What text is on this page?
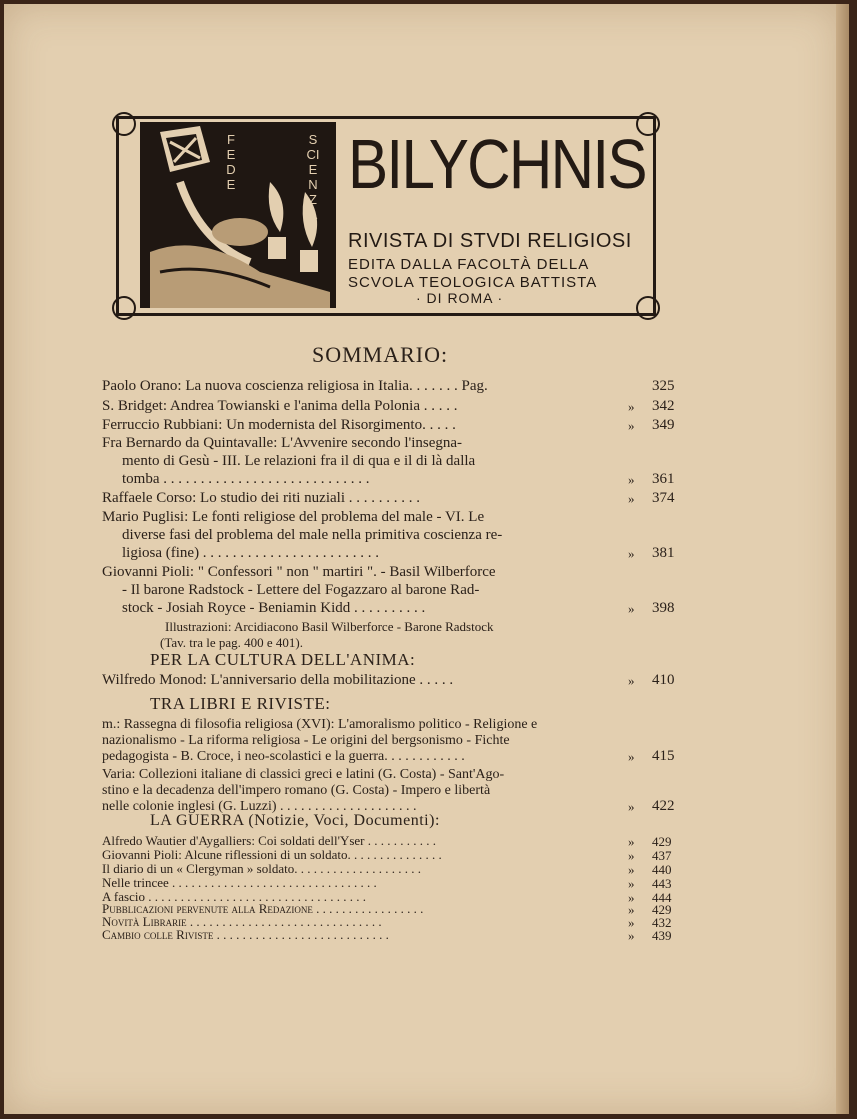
FEDE
SCIENZA
BILYCHNIS
RIVISTA DI STVDI RELIGIOSI
EDITA DALLA FACOLTÀ DELLA
SCVOLA TEOLOGICA BATTISTA
· DI ROMA ·
SOMMARIO:
Paolo Orano: La nuova coscienza religiosa in Italia. . . . . . . Pag.	325
S. Bridget: Andrea Towianski e l'anima della Polonia . . . . .	» 342
Ferruccio Rubbiani: Un modernista del Risorgimento. . . . .	» 349
Fra Bernardo da Quintavalle: L'Avvenire secondo l'insegna-
mento di Gesù - III. Le relazioni fra il di qua e il di là dalla
tomba . . . . . . . . . . . . . . . . . . . . . . . . . . . .	» 361
Raffaele Corso: Lo studio dei riti nuziali . . . . . . . . . .	» 374
Mario Puglisi: Le fonti religiose del problema del male - VI. Le
diverse fasi del problema del male nella primitiva coscienza re-
ligiosa (fine) . . . . . . . . . . . . . . . . . . . . . . . .	» 381
Giovanni Pioli: " Confessori " non " martiri ". - Basil Wilberforce
- Il barone Radstock - Lettere del Fogazzaro al barone Rad-
stock - Josiah Royce - Beniamin Kidd . . . . . . . . . .	» 398
Illustrazioni: Arcidiacono Basil Wilberforce - Barone Radstock
(Tav. tra le pag. 400 e 401).
PER LA CULTURA DELL'ANIMA:
Wilfredo Monod: L'anniversario della mobilitazione . . . . .	» 410
TRA LIBRI E RIVISTE:
m.: Rassegna di filosofia religiosa (XVI): L'amoralismo politico - Religione e
nazionalismo - La riforma religiosa - Le origini del bergsonismo - Fichte
pedagogista - B. Croce, i neo-scolastici e la guerra. . . . . . . . . . . .	» 415
Varia: Collezioni italiane di classici greci e latini (G. Costa) - Sant'Ago-
stino e la decadenza dell'impero romano (G. Costa) - Impero e libertà
nelle colonie inglesi (G. Luzzi) . . . . . . . . . . . . . . . . . . . .	» 422
LA GUERRA (Notizie, Voci, Documenti):
Alfredo Wautier d'Aygalliers: Coi soldati dell'Yser . . . . . . . . . . .	» 429
Giovanni Pioli: Alcune riflessioni di un soldato. . . . . . . . . . . . . . .	» 437
Il diario di un « Clergyman » soldato. . . . . . . . . . . . . . . . . . . .	» 440
Nelle trincee . . . . . . . . . . . . . . . . . . . . . . . . . . . . . . . .	» 443
A fascio . . . . . . . . . . . . . . . . . . . . . . . . . . . . . . . . . .	» 444
Pubblicazioni pervenute alla Redazione . . . . . . . . . . . . . . . . .	» 429
Novità Librarie . . . . . . . . . . . . . . . . . . . . . . . . . . . . . .	» 432
Cambio colle Riviste . . . . . . . . . . . . . . . . . . . . . . . . . . .	» 439
